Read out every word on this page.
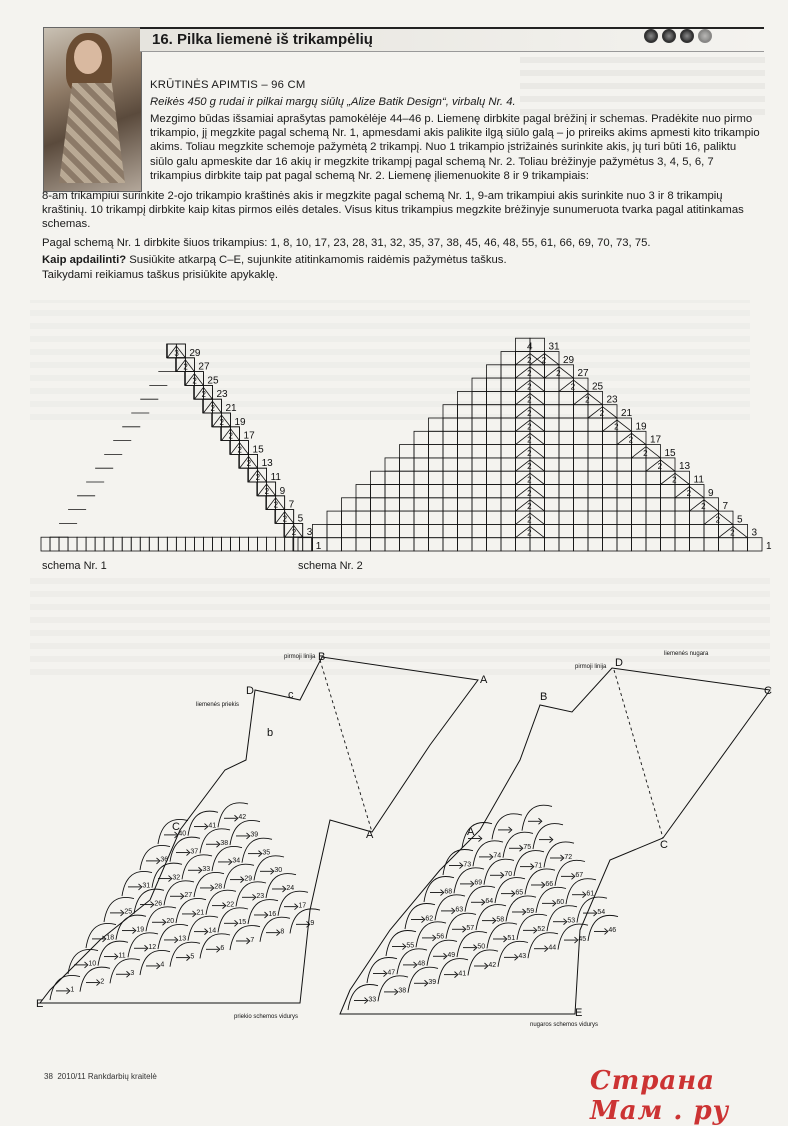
16. Pilka liemenė iš trikampėlių
KRŪTINĖS APIMTIS – 96 CM
Reikės 450 g rudai ir pilkai margų siūlų „Alize Batik Design“, virbalų Nr. 4.
Mezgimo būdas išsamiai aprašytas pamokėlėje 44–46 p. Liemenę dirbkite pagal brėžinį ir schemas. Pradėkite nuo pirmo trikampio, jį megzkite pagal schemą Nr. 1, apmesdami akis palikite ilgą siūlo galą – jo prireiks akims apmesti kito trikampio akims. Toliau megzkite schemoje pažymėtą 2 trikampį. Nuo 1 trikampio įstrižainės surinkite akis, jų turi būti 16, paliktu siūlo galu apmeskite dar 16 akių ir megzkite trikampį pagal schemą Nr. 2. Toliau brėžinyje pažymėtus 3, 4, 5, 6, 7 trikampius dirbkite taip pat pagal schemą Nr. 2. Liemenę įliemenuokite 8 ir 9 trikampiais:
8-am trikampiui surinkite 2-ojo trikampio kraštinės akis ir megzkite pagal schemą Nr. 1, 9-am trikampiui akis surinkite nuo 3 ir 8 trikampių kraštinių. 10 trikampį dirbkite kaip kitas pirmos eilės detales. Visus kitus trikampius megzkite brėžinyje sunumeruota tvarka pagal atitinkamas schemas.
Pagal schemą Nr. 1 dirbkite šiuos trikampius: 1, 8, 10, 17, 23, 28, 31, 32, 35, 37, 38, 45, 46, 48, 55, 61, 66, 69, 70, 73, 75.
Kaip apdailinti? Susiūkite atkarpą C–E, sujunkite atitinkamomis raidėmis pažymėtus taškus.
Taikydami reikiamus taškus prisiūkite apykaklę.
1
2 3
2 5
2 7
2 9
2 11
2 13
2 15
2 17
2 19
2 21
2 23
2 25
2 27
3 29
1
2
2	3
2
2	5
2
2	7
2
2	9
2
2	11
2
2	13
2
2	15
2
2	17
2
2	19
2
2	21
2
2	23
2
2	25
2
2	27
2
2	29
4 31
1
2
3
4
5
6
7
8
9
10
11
12
13
14
15
16
17
18
19
20
21
22
23
24
25
26
27
28
29
30
31
32
33
34
35
36
37
38
39
40
41
42
E
C
D
b
c
B
A
A
liemenės priekis
pirmoji linija
priekio schemos vidurys
33
38
39
41
42
43
44
45
46
47
48
49
50
51
52
53
54
55
56
57
58
59
60
61
62
63
64
65
66
67
68
69
70
71
72
73
74
75
A
B
C
C
D
E
liemenės nugara
pirmoji linija
nugaros schemos vidurys
schema Nr. 1	schema Nr. 2
38 2010/11 Rankdarbių kraitelė	Страна Мам . ру
